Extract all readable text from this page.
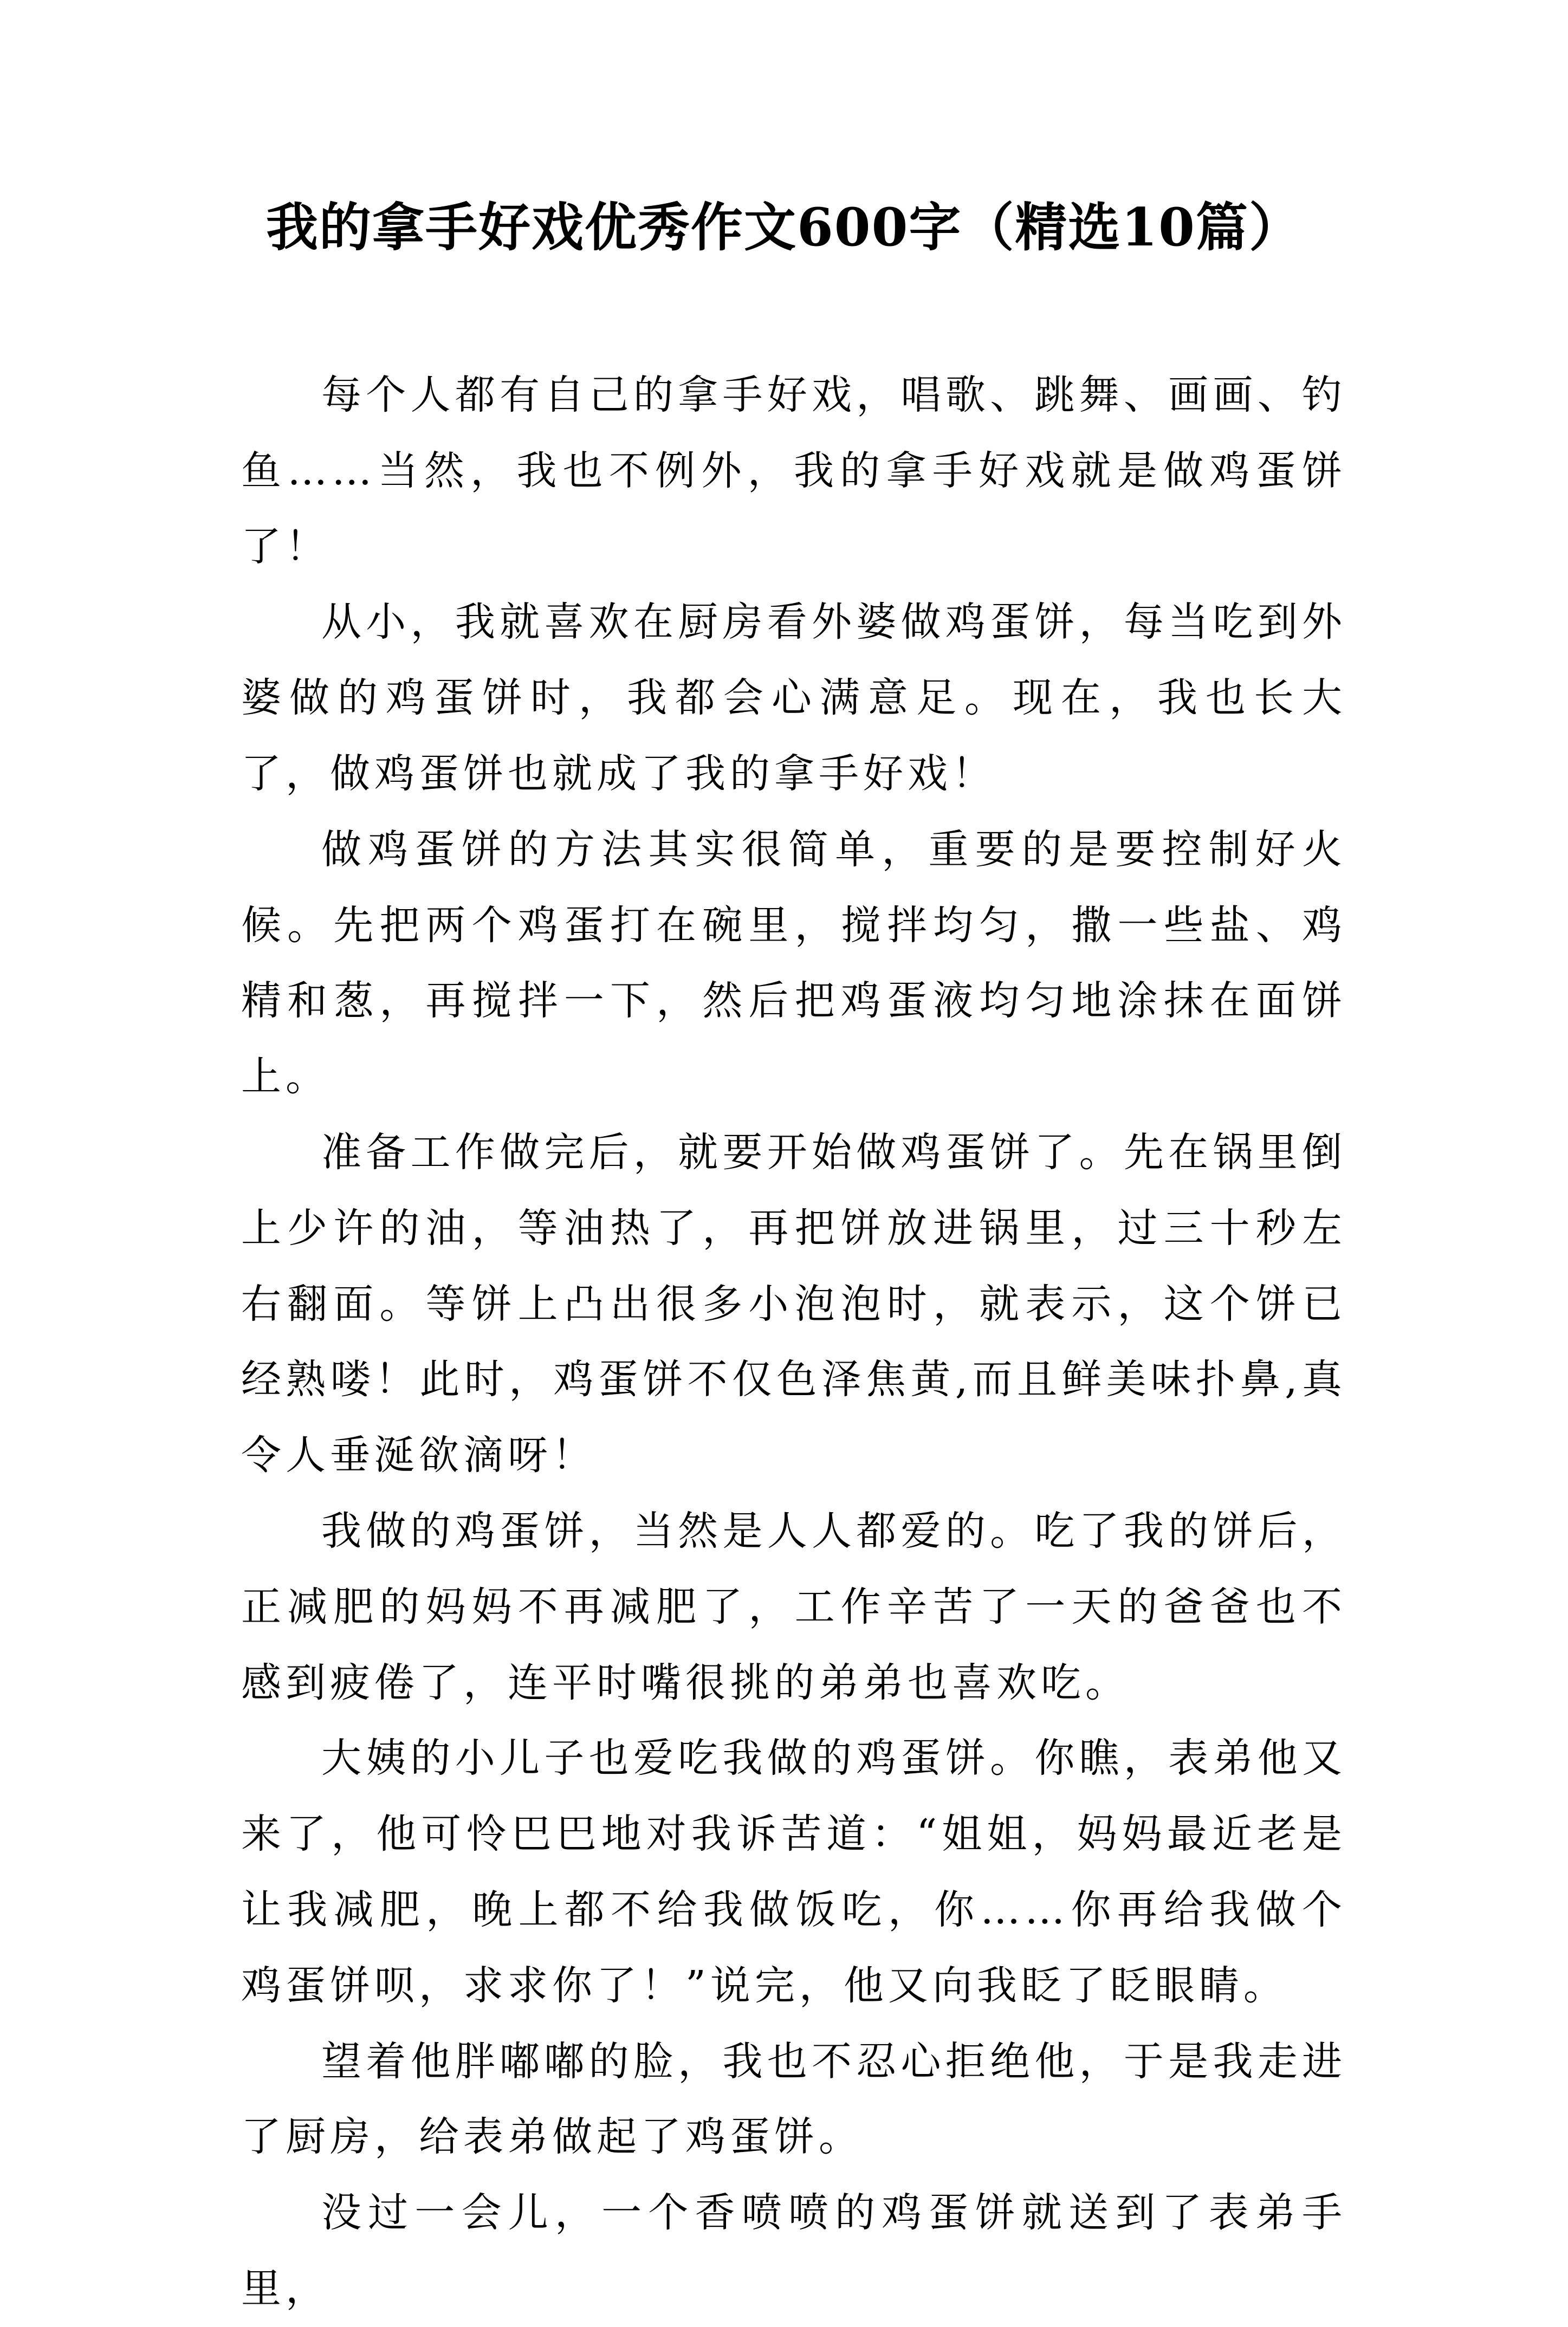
我的拿手好戏优秀作文600字（精选10篇）

每个人都有自己的拿手好戏，唱歌、跳舞、画画、钓鱼……当然，我也不例外，我的拿手好戏就是做鸡蛋饼了！

从小，我就喜欢在厨房看外婆做鸡蛋饼，每当吃到外婆做的鸡蛋饼时，我都会心满意足。现在，我也长大了，做鸡蛋饼也就成了我的拿手好戏！

做鸡蛋饼的方法其实很简单，重要的是要控制好火候。先把两个鸡蛋打在碗里，搅拌均匀，撒一些盐、鸡精和葱，再搅拌一下，然后把鸡蛋液均匀地涂抹在面饼上。

准备工作做完后，就要开始做鸡蛋饼了。先在锅里倒上少许的油，等油热了，再把饼放进锅里，过三十秒左右翻面。等饼上凸出很多小泡泡时，就表示，这个饼已经熟喽！此时，鸡蛋饼不仅色泽焦黄,而且鲜美味扑鼻,真令人垂涎欲滴呀！

我做的鸡蛋饼，当然是人人都爱的。吃了我的饼后，正减肥的妈妈不再减肥了，工作辛苦了一天的爸爸也不感到疲倦了，连平时嘴很挑的弟弟也喜欢吃。

大姨的小儿子也爱吃我做的鸡蛋饼。你瞧，表弟他又来了，他可怜巴巴地对我诉苦道：“姐姐，妈妈最近老是让我减肥，晚上都不给我做饭吃，你……你再给我做个鸡蛋饼呗，求求你了！”说完，他又向我眨了眨眼睛。

望着他胖嘟嘟的脸，我也不忍心拒绝他，于是我走进了厨房，给表弟做起了鸡蛋饼。

没过一会儿，一个香喷喷的鸡蛋饼就送到了表弟手里，
